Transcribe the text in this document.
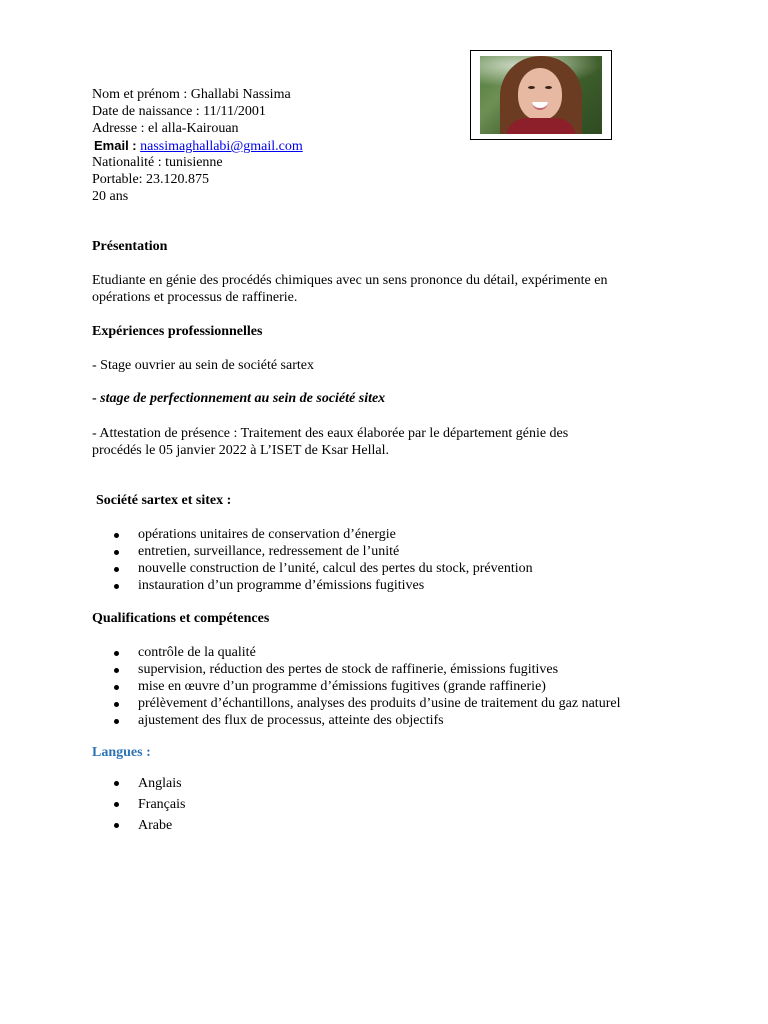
Nom et prénom : Ghallabi Nassima
Date de naissance : 11/11/2001
Adresse : el alla-Kairouan
Email : nassimaghallabi@gmail.com
Nationalité : tunisienne
Portable: 23.120.875
20 ans
Présentation
Etudiante en génie des procédés chimiques avec un sens prononce du détail, expérimente en
opérations et processus de raffinerie.
Expériences professionnelles
- Stage ouvrier au sein de société sartex
- stage de perfectionnement au sein de société sitex
- Attestation de présence : Traitement des eaux élaborée par le département génie des
procédés le 05 janvier 2022 à L’ISET de Ksar Hellal.
Société sartex et sitex :
opérations unitaires de conservation d’énergie
entretien, surveillance, redressement de l’unité
nouvelle construction de l’unité, calcul des pertes du stock, prévention
instauration d’un programme d’émissions fugitives
Qualifications et compétences
contrôle de la qualité
supervision, réduction des pertes de stock de raffinerie, émissions fugitives
mise en œuvre d’un programme d’émissions fugitives (grande raffinerie)
prélèvement d’échantillons, analyses des produits d’usine de traitement du gaz naturel
ajustement des flux de processus, atteinte des objectifs
Langues :
Anglais
Français
Arabe
